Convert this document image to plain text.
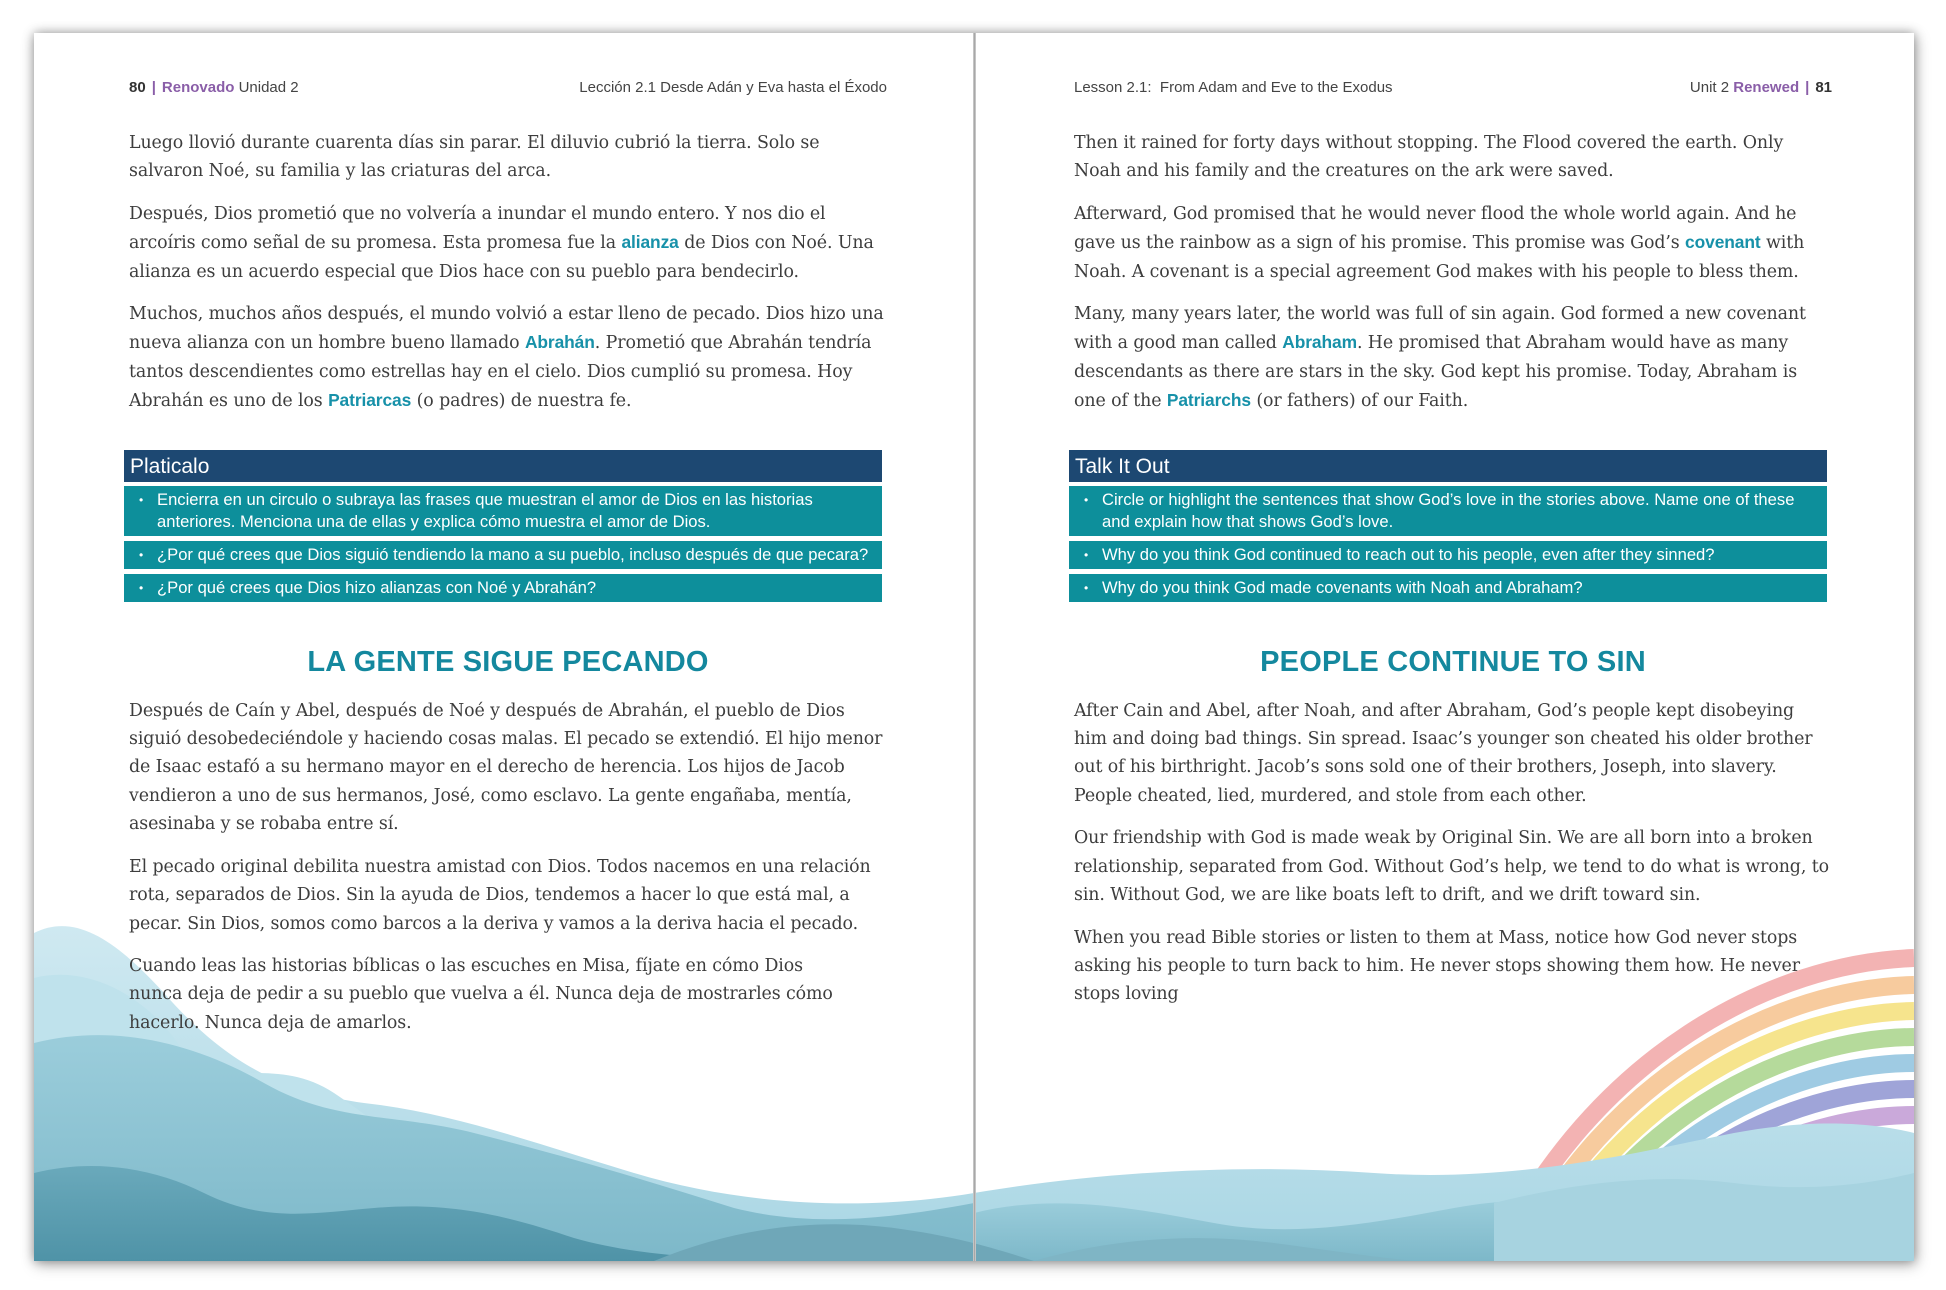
80 | Renovado Unidad 2	Lección 2.1 Desde Adán y Eva hasta el Éxodo

Luego llovió durante cuarenta días sin parar. El diluvio cubrió la tierra. Solo se salvaron Noé, su familia y las criaturas del arca.

Después, Dios prometió que no volvería a inundar el mundo entero. Y nos dio el arcoíris como señal de su promesa. Esta promesa fue la alianza de Dios con Noé. Una alianza es un acuerdo especial que Dios hace con su pueblo para bendecirlo.

Muchos, muchos años después, el mundo volvió a estar lleno de pecado. Dios hizo una nueva alianza con un hombre bueno llamado Abrahán. Prometió que Abrahán tendría tantos descendientes como estrellas hay en el cielo. Dios cumplió su promesa. Hoy Abrahán es uno de los Patriarcas (o padres) de nuestra fe.

Platicalo
• Encierra en un circulo o subraya las frases que muestran el amor de Dios en las historias anteriores. Menciona una de ellas y explica cómo muestra el amor de Dios.
• ¿Por qué crees que Dios siguió tendiendo la mano a su pueblo, incluso después de que pecara?
• ¿Por qué crees que Dios hizo alianzas con Noé y Abrahán?
LA GENTE SIGUE PECANDO

Después de Caín y Abel, después de Noé y después de Abrahán, el pueblo de Dios siguió desobedeciéndole y haciendo cosas malas. El pecado se extendió. El hijo menor de Isaac estafó a su hermano mayor en el derecho de herencia. Los hijos de Jacob vendieron a uno de sus hermanos, José, como esclavo. La gente engañaba, mentía, asesinaba y se robaba entre sí.

El pecado original debilita nuestra amistad con Dios. Todos nacemos en una relación rota, separados de Dios. Sin la ayuda de Dios, tendemos a hacer lo que está mal, a pecar. Sin Dios, somos como barcos a la deriva y vamos a la deriva hacia el pecado.

Cuando leas las historias bíblicas o las escuches en Misa, fíjate en cómo Dios nunca deja de pedir a su pueblo que vuelva a él. Nunca deja de mostrarles cómo hacerlo. Nunca deja de amarlos.

Lesson 2.1: From Adam and Eve to the Exodus	Unit 2 Renewed | 81

Then it rained for forty days without stopping. The Flood covered the earth. Only Noah and his family and the creatures on the ark were saved.

Afterward, God promised that he would never flood the whole world again. And he gave us the rainbow as a sign of his promise. This promise was God’s covenant with Noah. A covenant is a special agreement God makes with his people to bless them.

Many, many years later, the world was full of sin again. God formed a new covenant with a good man called Abraham. He promised that Abraham would have as many descendants as there are stars in the sky. God kept his promise. Today, Abraham is one of the Patriarchs (or fathers) of our Faith.

Talk It Out
• Circle or highlight the sentences that show God’s love in the stories above. Name one of these and explain how that shows God’s love.
• Why do you think God continued to reach out to his people, even after they sinned?
• Why do you think God made covenants with Noah and Abraham?
PEOPLE CONTINUE TO SIN

After Cain and Abel, after Noah, and after Abraham, God’s people kept disobeying him and doing bad things. Sin spread. Isaac’s younger son cheated his older brother out of his birthright. Jacob’s sons sold one of their brothers, Joseph, into slavery. People cheated, lied, murdered, and stole from each other.

Our friendship with God is made weak by Original Sin. We are all born into a broken relationship, separated from God. Without God’s help, we tend to do what is wrong, to sin. Without God, we are like boats left to drift, and we drift toward sin.

When you read Bible stories or listen to them at Mass, notice how God never stops asking his people to turn back to him. He never stops showing them how. He never stops loving
